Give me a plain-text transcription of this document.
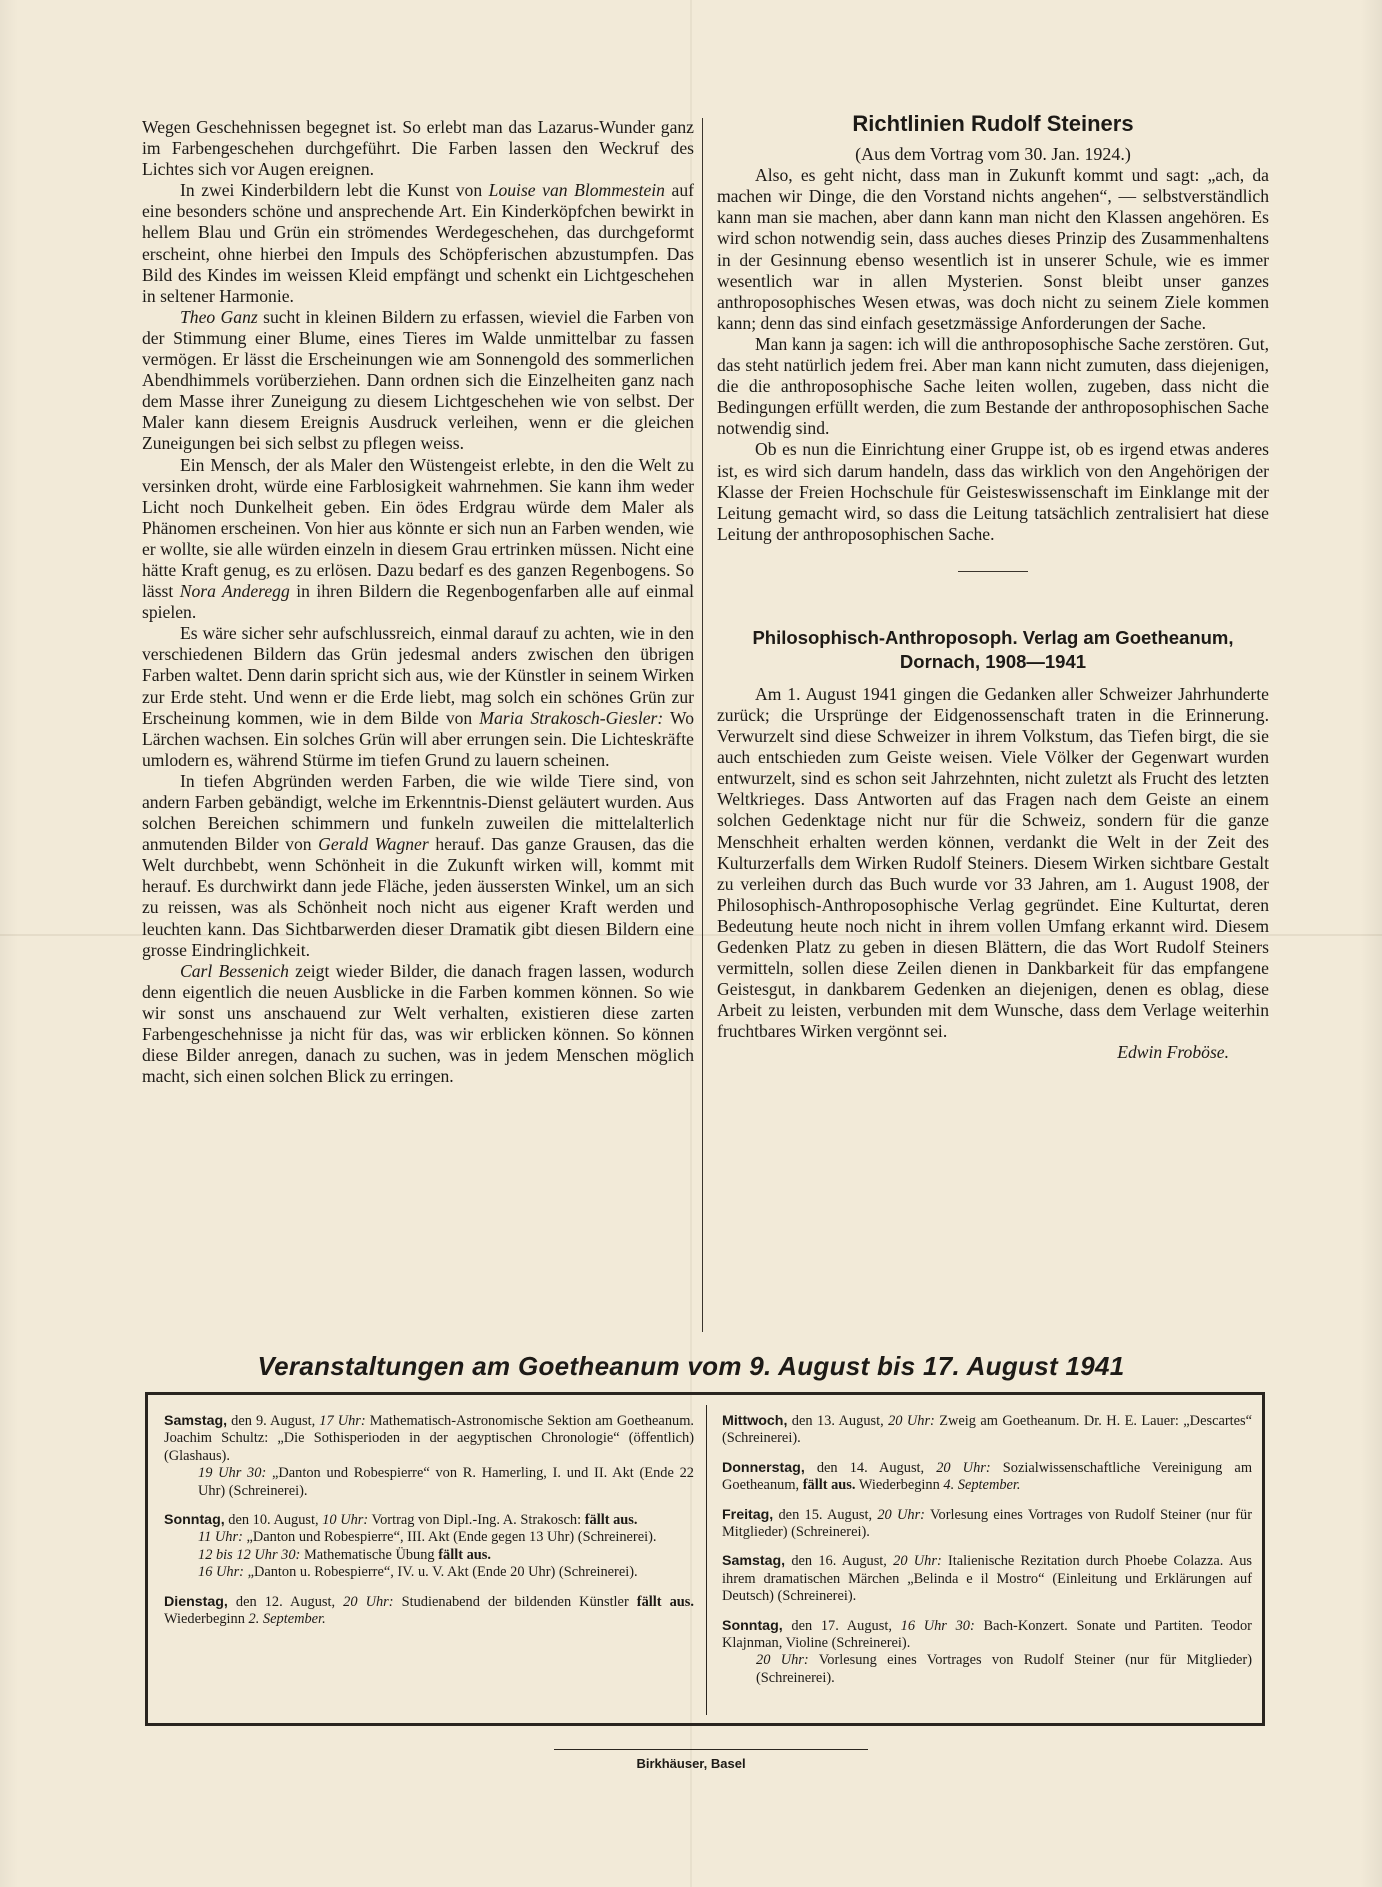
Wegen Geschehnissen begegnet ist. So erlebt man das Lazarus-Wunder ganz im Farbengeschehen durchgeführt. Die Farben lassen den Weckruf des Lichtes sich vor Augen ereignen.

In zwei Kinderbildern lebt die Kunst von Louise van Blommestein auf eine besonders schöne und ansprechende Art. Ein Kinderköpfchen bewirkt in hellem Blau und Grün ein strömendes Werdegeschehen, das durchgeformt erscheint, ohne hierbei den Impuls des Schöpferischen abzustumpfen. Das Bild des Kindes im weissen Kleid empfängt und schenkt ein Lichtgeschehen in seltener Harmonie.

Theo Ganz sucht in kleinen Bildern zu erfassen, wieviel die Farben von der Stimmung einer Blume, eines Tieres im Walde unmittelbar zu fassen vermögen. Er lässt die Erscheinungen wie am Sonnengold des sommerlichen Abendhimmels vorüberziehen. Dann ordnen sich die Einzelheiten ganz nach dem Masse ihrer Zuneigung zu diesem Lichtgeschehen wie von selbst. Der Maler kann diesem Ereignis Ausdruck verleihen, wenn er die gleichen Zuneigungen bei sich selbst zu pflegen weiss.

Ein Mensch, der als Maler den Wüstengeist erlebte, in den die Welt zu versinken droht, würde eine Farblosigkeit wahrnehmen. Sie kann ihm weder Licht noch Dunkelheit geben. Ein ödes Erdgrau würde dem Maler als Phänomen erscheinen. Von hier aus könnte er sich nun an Farben wenden, wie er wollte, sie alle würden einzeln in diesem Grau ertrinken müssen. Nicht eine hätte Kraft genug, es zu erlösen. Dazu bedarf es des ganzen Regenbogens. So lässt Nora Anderegg in ihren Bildern die Regenbogenfarben alle auf einmal spielen.

Es wäre sicher sehr aufschlussreich, einmal darauf zu achten, wie in den verschiedenen Bildern das Grün jedesmal anders zwischen den übrigen Farben waltet. Denn darin spricht sich aus, wie der Künstler in seinem Wirken zur Erde steht. Und wenn er die Erde liebt, mag solch ein schönes Grün zur Erscheinung kommen, wie in dem Bilde von Maria Strakosch-Giesler: Wo Lärchen wachsen. Ein solches Grün will aber errungen sein. Die Lichteskräfte umlodern es, während Stürme im tiefen Grund zu lauern scheinen.

In tiefen Abgründen werden Farben, die wie wilde Tiere sind, von andern Farben gebändigt, welche im Erkenntnis-Dienst geläutert wurden. Aus solchen Bereichen schimmern und funkeln zuweilen die mittelalterlich anmutenden Bilder von Gerald Wagner herauf. Das ganze Grausen, das die Welt durchbebt, wenn Schönheit in die Zukunft wirken will, kommt mit herauf. Es durchwirkt dann jede Fläche, jeden äussersten Winkel, um an sich zu reissen, was als Schönheit noch nicht aus eigener Kraft werden und leuchten kann. Das Sichtbarwerden dieser Dramatik gibt diesen Bildern eine grosse Eindringlichkeit.

Carl Bessenich zeigt wieder Bilder, die danach fragen lassen, wodurch denn eigentlich die neuen Ausblicke in die Farben kommen können. So wie wir sonst uns anschauend zur Welt verhalten, existieren diese zarten Farbengeschehnisse ja nicht für das, was wir erblicken können. So können diese Bilder anregen, danach zu suchen, was in jedem Menschen möglich macht, sich einen solchen Blick zu erringen.

Richtlinien Rudolf Steiners

(Aus dem Vortrag vom 30. Jan. 1924.)

Also, es geht nicht, dass man in Zukunft kommt und sagt: „ach, da machen wir Dinge, die den Vorstand nichts angehen“, — selbstverständlich kann man sie machen, aber dann kann man nicht den Klassen angehören. Es wird schon notwendig sein, dass auches dieses Prinzip des Zusammenhaltens in der Gesinnung ebenso wesentlich ist in unserer Schule, wie es immer wesentlich war in allen Mysterien. Sonst bleibt unser ganzes anthroposophisches Wesen etwas, was doch nicht zu seinem Ziele kommen kann; denn das sind einfach gesetzmässige Anforderungen der Sache.

Man kann ja sagen: ich will die anthroposophische Sache zerstören. Gut, das steht natürlich jedem frei. Aber man kann nicht zumuten, dass diejenigen, die die anthroposophische Sache leiten wollen, zugeben, dass nicht die Bedingungen erfüllt werden, die zum Bestande der anthroposophischen Sache notwendig sind.

Ob es nun die Einrichtung einer Gruppe ist, ob es irgend etwas anderes ist, es wird sich darum handeln, dass das wirklich von den Angehörigen der Klasse der Freien Hochschule für Geisteswissenschaft im Einklange mit der Leitung gemacht wird, so dass die Leitung tatsächlich zentralisiert hat diese Leitung der anthroposophischen Sache.

Philosophisch-Anthroposoph. Verlag am Goetheanum,
Dornach, 1908—1941

Am 1. August 1941 gingen die Gedanken aller Schweizer Jahrhunderte zurück; die Ursprünge der Eidgenossenschaft traten in die Erinnerung. Verwurzelt sind diese Schweizer in ihrem Volkstum, das Tiefen birgt, die sie auch entschieden zum Geiste weisen. Viele Völker der Gegenwart wurden entwurzelt, sind es schon seit Jahrzehnten, nicht zuletzt als Frucht des letzten Weltkrieges. Dass Antworten auf das Fragen nach dem Geiste an einem solchen Gedenktage nicht nur für die Schweiz, sondern für die ganze Menschheit erhalten werden können, verdankt die Welt in der Zeit des Kulturzerfalls dem Wirken Rudolf Steiners. Diesem Wirken sichtbare Gestalt zu verleihen durch das Buch wurde vor 33 Jahren, am 1. August 1908, der Philosophisch-Anthroposophische Verlag gegründet. Eine Kulturtat, deren Bedeutung heute noch nicht in ihrem vollen Umfang erkannt wird. Diesem Gedenken Platz zu geben in diesen Blättern, die das Wort Rudolf Steiners vermitteln, sollen diese Zeilen dienen in Dankbarkeit für das empfangene Geistesgut, in dankbarem Gedenken an diejenigen, denen es oblag, diese Arbeit zu leisten, verbunden mit dem Wunsche, dass dem Verlage weiterhin fruchtbares Wirken vergönnt sei.

Edwin Froböse.

Veranstaltungen am Goetheanum vom 9. August bis 17. August 1941
Samstag, den 9. August, 17 Uhr: Mathematisch-Astronomische Sektion am Goetheanum. Joachim Schultz: „Die Sothisperioden in der aegyptischen Chronologie“ (öffentlich) (Glashaus).
19 Uhr 30: „Danton und Robespierre“ von R. Hamerling, I. und II. Akt (Ende 22 Uhr) (Schreinerei).
Sonntag, den 10. August, 10 Uhr: Vortrag von Dipl.-Ing. A. Strakosch: fällt aus.
11 Uhr: „Danton und Robespierre“, III. Akt (Ende gegen 13 Uhr) (Schreinerei).
12 bis 12 Uhr 30: Mathematische Übung fällt aus.
16 Uhr: „Danton u. Robespierre“, IV. u. V. Akt (Ende 20 Uhr) (Schreinerei).
Dienstag, den 12. August, 20 Uhr: Studienabend der bildenden Künstler fällt aus. Wiederbeginn 2. September.
Mittwoch, den 13. August, 20 Uhr: Zweig am Goetheanum. Dr. H. E. Lauer: „Descartes“ (Schreinerei).
Donnerstag, den 14. August, 20 Uhr: Sozialwissenschaftliche Vereinigung am Goetheanum, fällt aus. Wiederbeginn 4. September.
Freitag, den 15. August, 20 Uhr: Vorlesung eines Vortrages von Rudolf Steiner (nur für Mitglieder) (Schreinerei).
Samstag, den 16. August, 20 Uhr: Italienische Rezitation durch Phoebe Colazza. Aus ihrem dramatischen Märchen „Belinda e il Mostro“ (Einleitung und Erklärungen auf Deutsch) (Schreinerei).
Sonntag, den 17. August, 16 Uhr 30: Bach-Konzert. Sonate und Partiten. Teodor Klajnman, Violine (Schreinerei).
20 Uhr: Vorlesung eines Vortrages von Rudolf Steiner (nur für Mitglieder) (Schreinerei).
Birkhäuser, Basel
